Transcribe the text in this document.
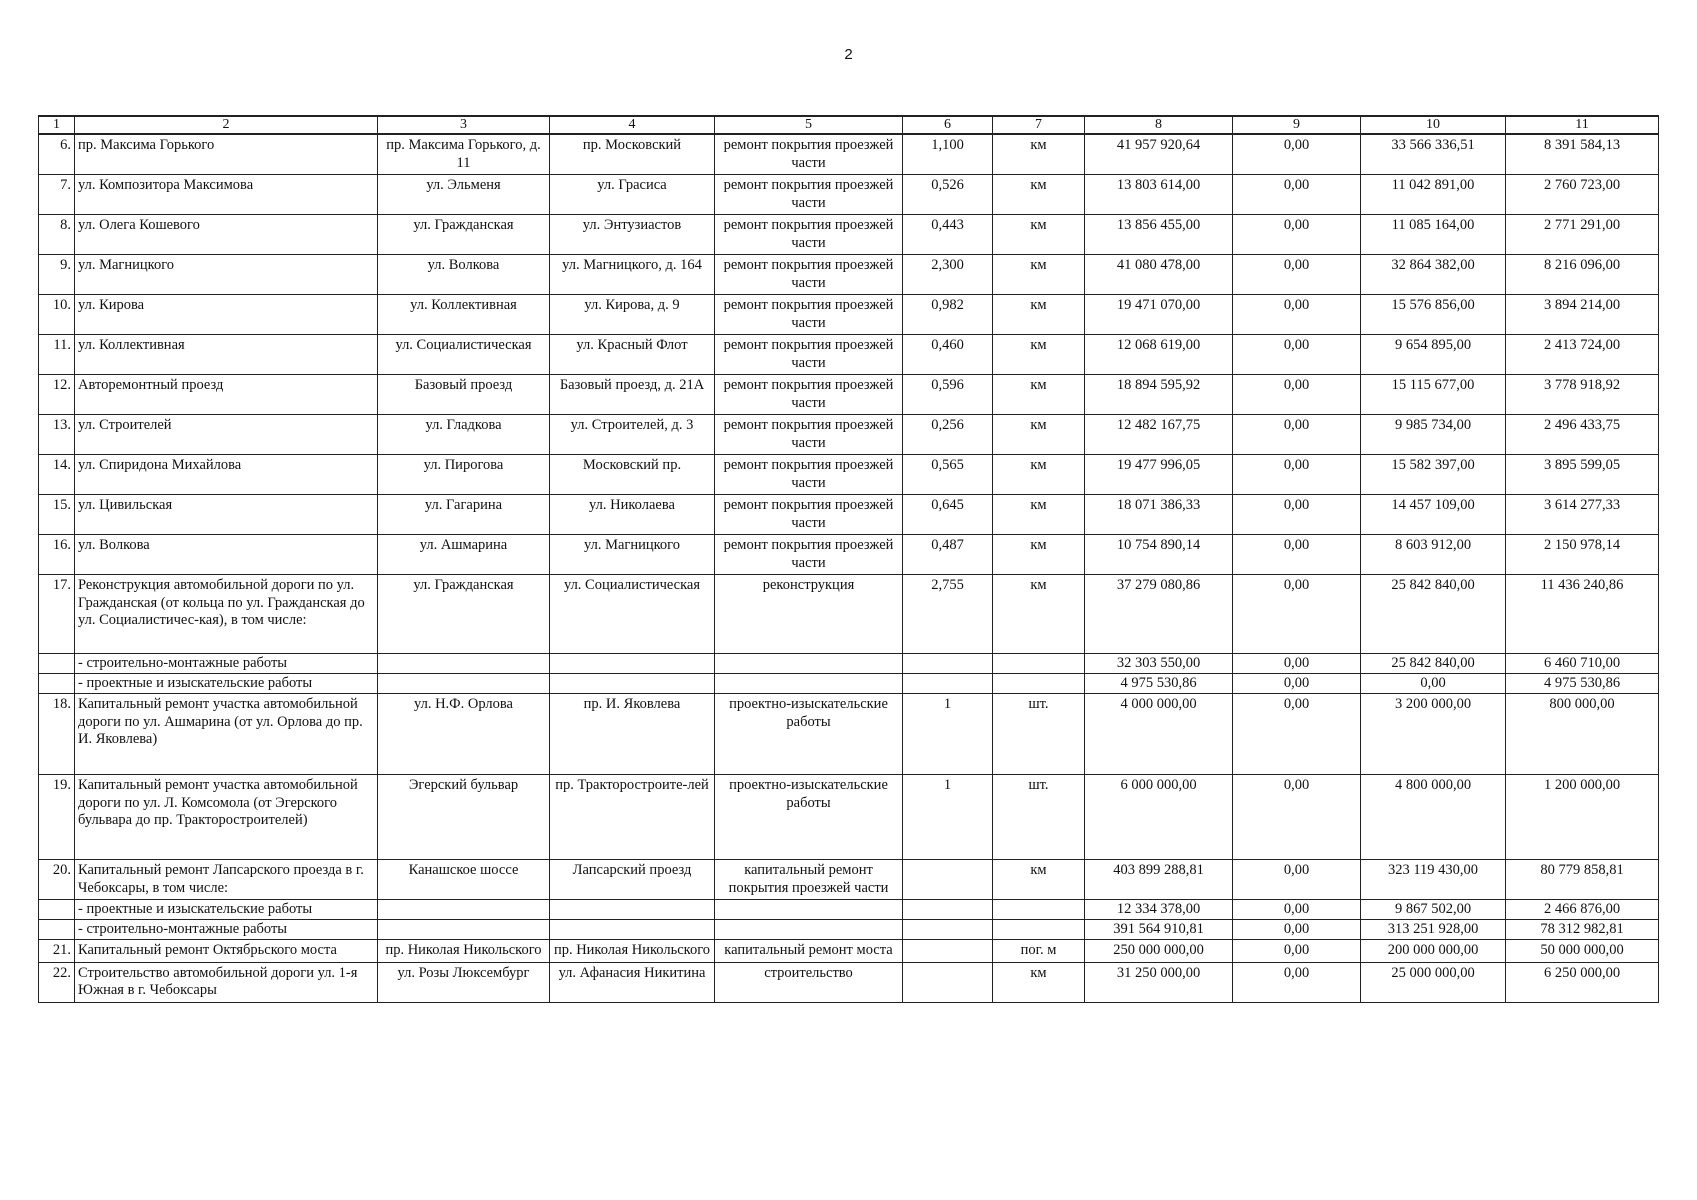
2
1	2	3	4	5	6	7	8	9	10	11
6.	пр. Максима Горького	пр. Максима Горького, д. 11	пр. Московский	ремонт покрытия проезжей части	1,100	км	41 957 920,64	0,00	33 566 336,51	8 391 584,13
7.	ул. Композитора Максимова	ул. Эльменя	ул. Грасиса	ремонт покрытия проезжей части	0,526	км	13 803 614,00	0,00	11 042 891,00	2 760 723,00
8.	ул. Олега Кошевого	ул. Гражданская	ул. Энтузиастов	ремонт покрытия проезжей части	0,443	км	13 856 455,00	0,00	11 085 164,00	2 771 291,00
9.	ул. Магницкого	ул. Волкова	ул. Магницкого, д. 164	ремонт покрытия проезжей части	2,300	км	41 080 478,00	0,00	32 864 382,00	8 216 096,00
10.	ул. Кирова	ул. Коллективная	ул. Кирова, д. 9	ремонт покрытия проезжей части	0,982	км	19 471 070,00	0,00	15 576 856,00	3 894 214,00
11.	ул. Коллективная	ул. Социалистическая	ул. Красный Флот	ремонт покрытия проезжей части	0,460	км	12 068 619,00	0,00	9 654 895,00	2 413 724,00
12.	Авторемонтный проезд	Базовый проезд	Базовый проезд, д. 21А	ремонт покрытия проезжей части	0,596	км	18 894 595,92	0,00	15 115 677,00	3 778 918,92
13.	ул. Строителей	ул. Гладкова	ул. Строителей, д. 3	ремонт покрытия проезжей части	0,256	км	12 482 167,75	0,00	9 985 734,00	2 496 433,75
14.	ул. Спиридона Михайлова	ул. Пирогова	Московский пр.	ремонт покрытия проезжей части	0,565	км	19 477 996,05	0,00	15 582 397,00	3 895 599,05
15.	ул. Цивильская	ул. Гагарина	ул. Николаева	ремонт покрытия проезжей части	0,645	км	18 071 386,33	0,00	14 457 109,00	3 614 277,33
16.	ул. Волкова	ул. Ашмарина	ул. Магницкого	ремонт покрытия проезжей части	0,487	км	10 754 890,14	0,00	8 603 912,00	2 150 978,14
17.	Реконструкция автомобильной дороги по ул. Гражданская (от кольца по ул. Гражданская до ул. Социалистичес-кая), в том числе:	ул. Гражданская	ул. Социалистическая	реконструкция	2,755	км	37 279 080,86	0,00	25 842 840,00	11 436 240,86
	- строительно-монтажные работы						32 303 550,00	0,00	25 842 840,00	6 460 710,00
	- проектные и изыскательские работы						4 975 530,86	0,00	0,00	4 975 530,86
18.	Капитальный ремонт участка автомобильной дороги по ул. Ашмарина (от ул. Орлова до пр. И. Яковлева)	ул. Н.Ф. Орлова	пр. И. Яковлева	проектно-изыскательские работы	1	шт.	4 000 000,00	0,00	3 200 000,00	800 000,00
19.	Капитальный ремонт участка автомобильной дороги по ул. Л. Комсомола (от Эгерского бульвара до пр. Тракторостроителей)	Эгерский бульвар	пр. Тракторостроите-лей	проектно-изыскательские работы	1	шт.	6 000 000,00	0,00	4 800 000,00	1 200 000,00
20.	Капитальный ремонт Лапсарского проезда в г. Чебоксары, в том числе:	Канашское шоссе	Лапсарский проезд	капитальный ремонт покрытия проезжей части		км	403 899 288,81	0,00	323 119 430,00	80 779 858,81
	- проектные и изыскательские работы						12 334 378,00	0,00	9 867 502,00	2 466 876,00
	- строительно-монтажные работы						391 564 910,81	0,00	313 251 928,00	78 312 982,81
21.	Капитальный ремонт Октябрьского моста	пр. Николая Никольского	пр. Николая Никольского	капитальный ремонт моста		пог. м	250 000 000,00	0,00	200 000 000,00	50 000 000,00
22.	Строительство автомобильной дороги ул. 1-я Южная в г. Чебоксары	ул. Розы Люксембург	ул. Афанасия Никитина	строительство		км	31 250 000,00	0,00	25 000 000,00	6 250 000,00
